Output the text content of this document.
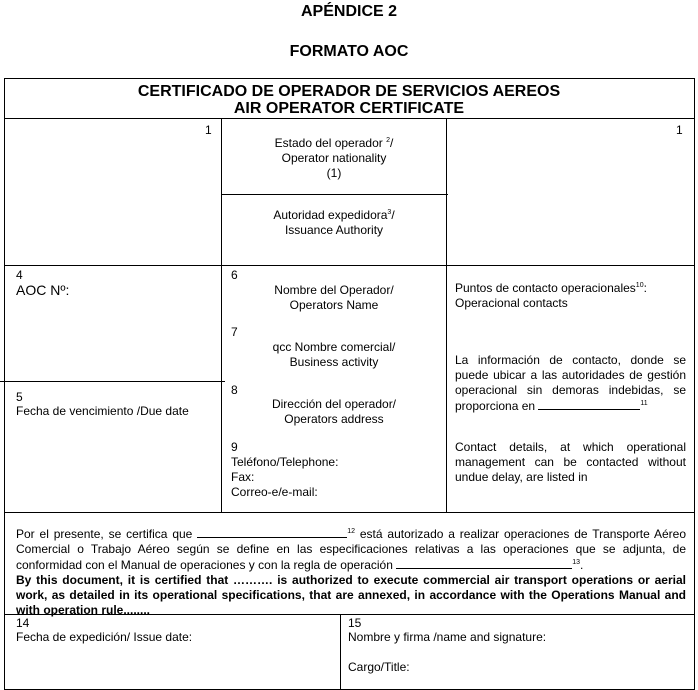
APÉNDICE 2
FORMATO AOC
CERTIFICADO DE OPERADOR DE SERVICIOS AEREOS
AIR OPERATOR CERTIFICATE
1	1
Estado del operador $^2$/
Operator nationality
(1)
Autoridad expedidora$^3$/
Issuance Authority
4
AOC Nº:
5
Fecha de vencimiento /Due date
6
Nombre del Operador/
Operators Name
7
qcc Nombre comercial/
Business activity
8
Dirección del operador/
Operators address
9
Teléfono/Telephone:
Fax:
Correo-e/e-mail:
Puntos de contacto operacionales$^{10}$:
Operacional contacts
La información de contacto, donde se puede ubicar a las autoridades de gestión operacional sin demoras indebidas, se proporciona en	$^{11}$
Contact details, at which operational management can be contacted without undue delay, are listed in
Por el presente, se certifica que	$^{12}$ está autorizado a realizar operaciones de Transporte Aéreo Comercial o Trabajo Aéreo según se define en las especificaciones relativas a las operaciones que se adjunta, de conformidad con el Manual de operaciones y con la regla de operación	$^{13}$.
By this document, it is certified that ………. is authorized to execute commercial air transport operations or aerial work, as detailed in its operational specifications, that are annexed, in accordance with the Operations Manual and with operation rule........
14
Fecha de expedición/ Issue date:
15
Nombre y firma /name and signature:
Cargo/Title:
